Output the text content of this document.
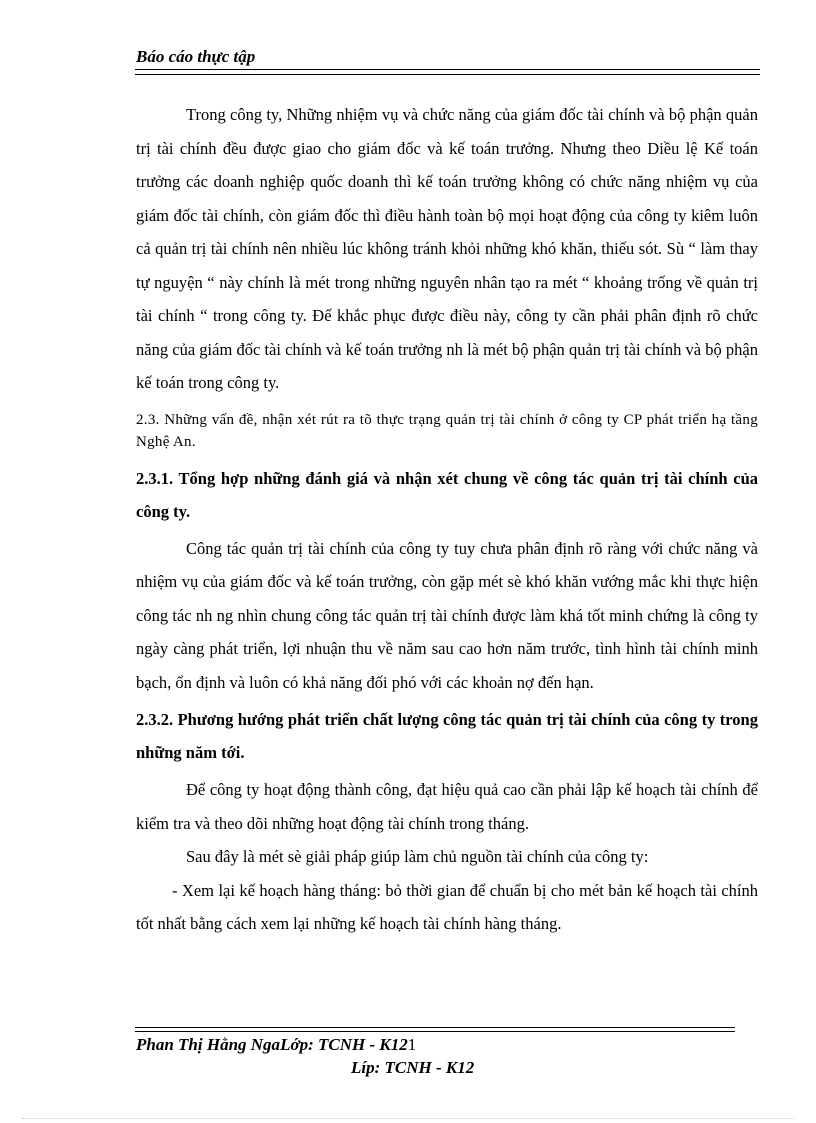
Báo cáo thực tập

Trong công ty, Những nhiệm vụ và chức năng của giám đốc tài chính và bộ phận quản trị tài chính đều được giao cho giám đốc và kế toán trưởng. Nhưng theo Diều lệ Kế toán trưởng các doanh nghiệp quốc doanh thì kế toán trưởng không có chức năng nhiệm vụ của giám đốc tài chính, còn giám đốc thì điều hành toàn bộ mọi hoạt động của công ty kiêm luôn cả quản trị tài chính nên nhiều lúc không tránh khỏi những khó khăn, thiếu sót. Sù “ làm thay tự nguyện “ này chính là mét trong những nguyên nhân tạo ra mét “ khoảng trống về quản trị tài chính “ trong công ty. Để khắc phục được điều này, công ty cần phải phân định rõ chức năng của giám đốc tài chính và kế toán trưởng nh là mét bộ phận quản trị tài chính và bộ phận kế toán trong công ty.

2.3. Những vấn đề, nhận xét rút ra tõ thực trạng quản trị tài chính ở công ty CP phát triển hạ tầng Nghệ An.

2.3.1. Tổng hợp những đánh giá và nhận xét chung về công tác quản trị tài chính của công ty.

Công tác quản trị tài chính của công ty tuy chưa phân định rõ ràng với chức năng và nhiệm vụ của giám đốc và kế toán trưởng, còn gặp mét sè khó khăn vướng mắc khi thực hiện công tác nh ng nhìn chung công tác quản trị tài chính được làm khá tốt minh chứng là công ty ngày càng phát triển, lợi nhuận thu về năm sau cao hơn năm trước, tình hình tài chính minh bạch, ổn định và luôn có khả năng đối phó với các khoản nợ đến hạn.

2.3.2. Phương hướng phát triển chất lượng công tác quản trị tài chính của công ty trong những năm tới.

Để công ty hoạt động thành công, đạt hiệu quả cao cần phải lập kế hoạch tài chính để kiểm tra và theo dõi những hoạt động tài chính trong tháng.

Sau đây là mét sè giải pháp giúp làm chủ nguồn tài chính của công ty:

- Xem lại kế hoạch hàng tháng: bỏ thời gian để chuẩn bị cho mét bản kế hoạch tài chính tốt nhất bằng cách xem lại những kế hoạch tài chính hàng tháng.

Phan Thị Hằng NgaLớp: TCNH - K121
Líp: TCNH - K12
